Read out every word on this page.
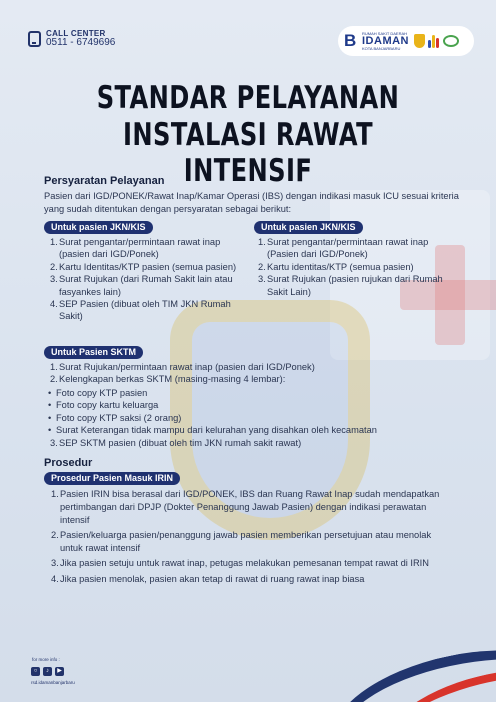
CALL CENTER
0511 - 6749696	B	RUMAH SAKIT DAERAH
IDAMAN
KOTA BANJARBARU
STANDAR PELAYANAN
INSTALASI RAWAT INTENSIF
Persyaratan Pelayanan
Pasien dari IGD/PONEK/Rawat Inap/Kamar Operasi (IBS) dengan indikasi masuk ICU sesuai kriteria yang sudah ditentukan dengan persyaratan sebagai berikut:
Untuk pasien JKN/KIS
1. Surat pengantar/permintaan rawat inap (pasien dari IGD/Ponek)
2. Kartu Identitas/KTP pasien (semua pasien)
3. Surat Rujukan (dari Rumah Sakit lain atau fasyankes lain)
4. SEP Pasien (dibuat oleh TIM JKN Rumah Sakit)
Untuk pasien JKN/KIS
1. Surat pengantar/permintaan rawat inap (Pasien dari IGD/Ponek)
2. Kartu identitas/KTP (semua pasien)
3. Surat Rujukan (pasien rujukan dari Rumah Sakit Lain)
Untuk Pasien SKTM
1. Surat Rujukan/permintaan rawat inap (pasien dari IGD/Ponek)
2. Kelengkapan berkas SKTM (masing-masing 4 lembar):
• Foto copy KTP pasien
• Foto copy kartu keluarga
• Foto copy KTP saksi (2 orang)
• Surat Keterangan tidak mampu dari kelurahan yang disahkan oleh kecamatan
3. SEP SKTM pasien (dibuat oleh tim JKN rumah sakit rawat)
Prosedur
Prosedur Pasien Masuk IRIN
1. Pasien IRIN bisa berasal dari IGD/PONEK, IBS dan Ruang Rawat Inap sudah mendapatkan pertimbangan dari DPJP (Dokter Penanggung Jawab Pasien) dengan indikasi perawatan intensif
2. Pasien/keluarga pasien/penanggung jawab pasien memberikan persetujuan atau menolak untuk rawat intensif
3. Jika pasien setuju untuk rawat inap, petugas melakukan pemesanan tempat rawat di IRIN
4. Jika pasien menolak, pasien akan tetap di rawat di ruang rawat inap biasa
for more info :
○	♪	▶
rsd.idamanbanjarbaru
